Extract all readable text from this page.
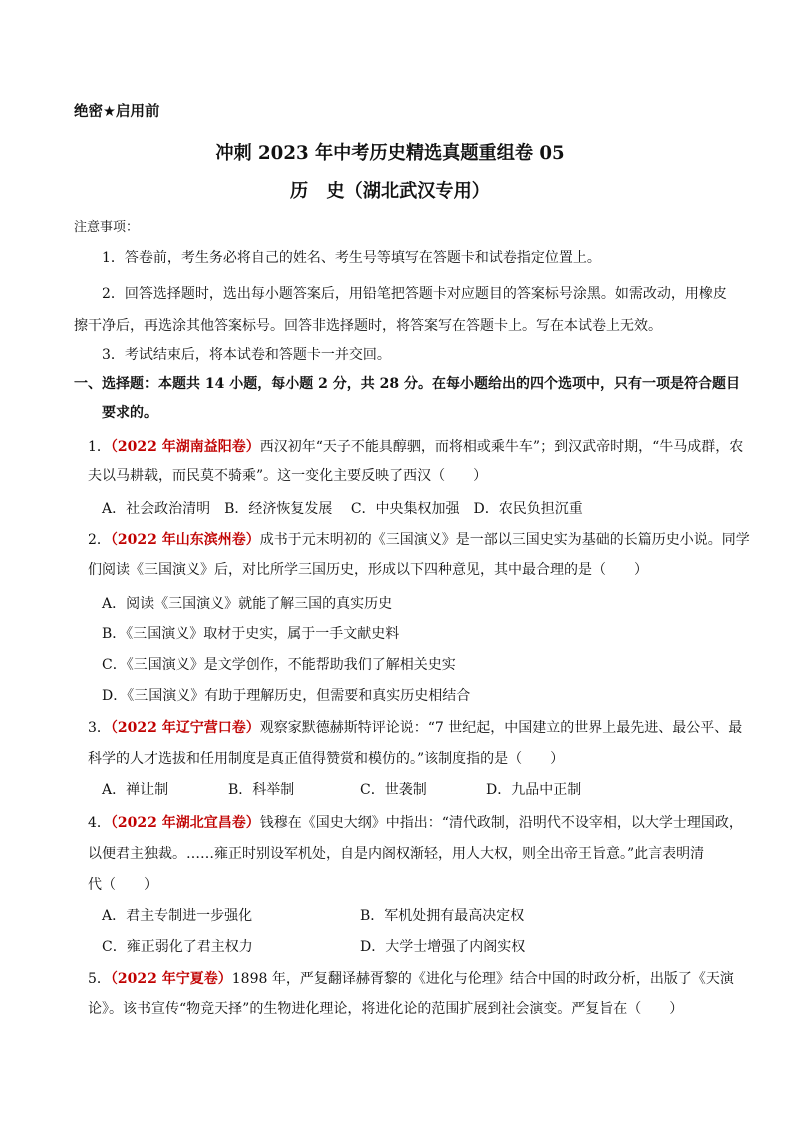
绝密★启用前
冲刺 2023 年中考历史精选真题重组卷 05
历　史（湖北武汉专用）
注意事项：
1．答卷前，考生务必将自己的姓名、考生号等填写在答题卡和试卷指定位置上。
2．回答选择题时，选出每小题答案后，用铅笔把答题卡对应题目的答案标号涂黑。如需改动，用橡皮
擦干净后，再选涂其他答案标号。回答非选择题时，将答案写在答题卡上。写在本试卷上无效。
3．考试结束后，将本试卷和答题卡一并交回。
一、选择题：本题共 14 小题，每小题 2 分，共 28 分。在每小题给出的四个选项中，只有一项是符合题目
要求的。
1．（2022 年湖南益阳卷）西汉初年“天子不能具醇驷，而将相或乘牛车”；到汉武帝时期，“牛马成群，农
夫以马耕载，而民莫不骑乘”。这一变化主要反映了西汉（　　）
A．社会政治清明　B．经济恢复发展　 C．中央集权加强　D．农民负担沉重
2．（2022 年山东滨州卷）成书于元末明初的《三国演义》是一部以三国史实为基础的长篇历史小说。同学
们阅读《三国演义》后，对比所学三国历史，形成以下四种意见，其中最合理的是（　　）
A．阅读《三国演义》就能了解三国的真实历史
B．《三国演义》取材于史实，属于一手文献史料
C．《三国演义》是文学创作，不能帮助我们了解相关史实
D．《三国演义》有助于理解历史，但需要和真实历史相结合
3．（2022 年辽宁营口卷）观察家默德赫斯特评论说：“7 世纪起，中国建立的世界上最先进、最公平、最
科学的人才选拔和任用制度是真正值得赞赏和模仿的。”该制度指的是（　　）
A．禅让制	B．科举制	C．世袭制	D．九品中正制
4．（2022 年湖北宜昌卷）钱穆在《国史大纲》中指出：“清代政制，沿明代不设宰相，以大学士理国政，
以便君主独裁。……雍正时别设军机处，自是内阁权渐轻，用人大权，则全出帝王旨意。”此言表明清
代（　　）
A．君主专制进一步强化	B．军机处拥有最高决定权
C．雍正弱化了君主权力	D．大学士增强了内阁实权
5．（2022 年宁夏卷）1898 年，严复翻译赫胥黎的《进化与伦理》结合中国的时政分析，出版了《天演
论》。该书宣传“物竞天择”的生物进化理论，将进化论的范围扩展到社会演变。严复旨在（　　）
